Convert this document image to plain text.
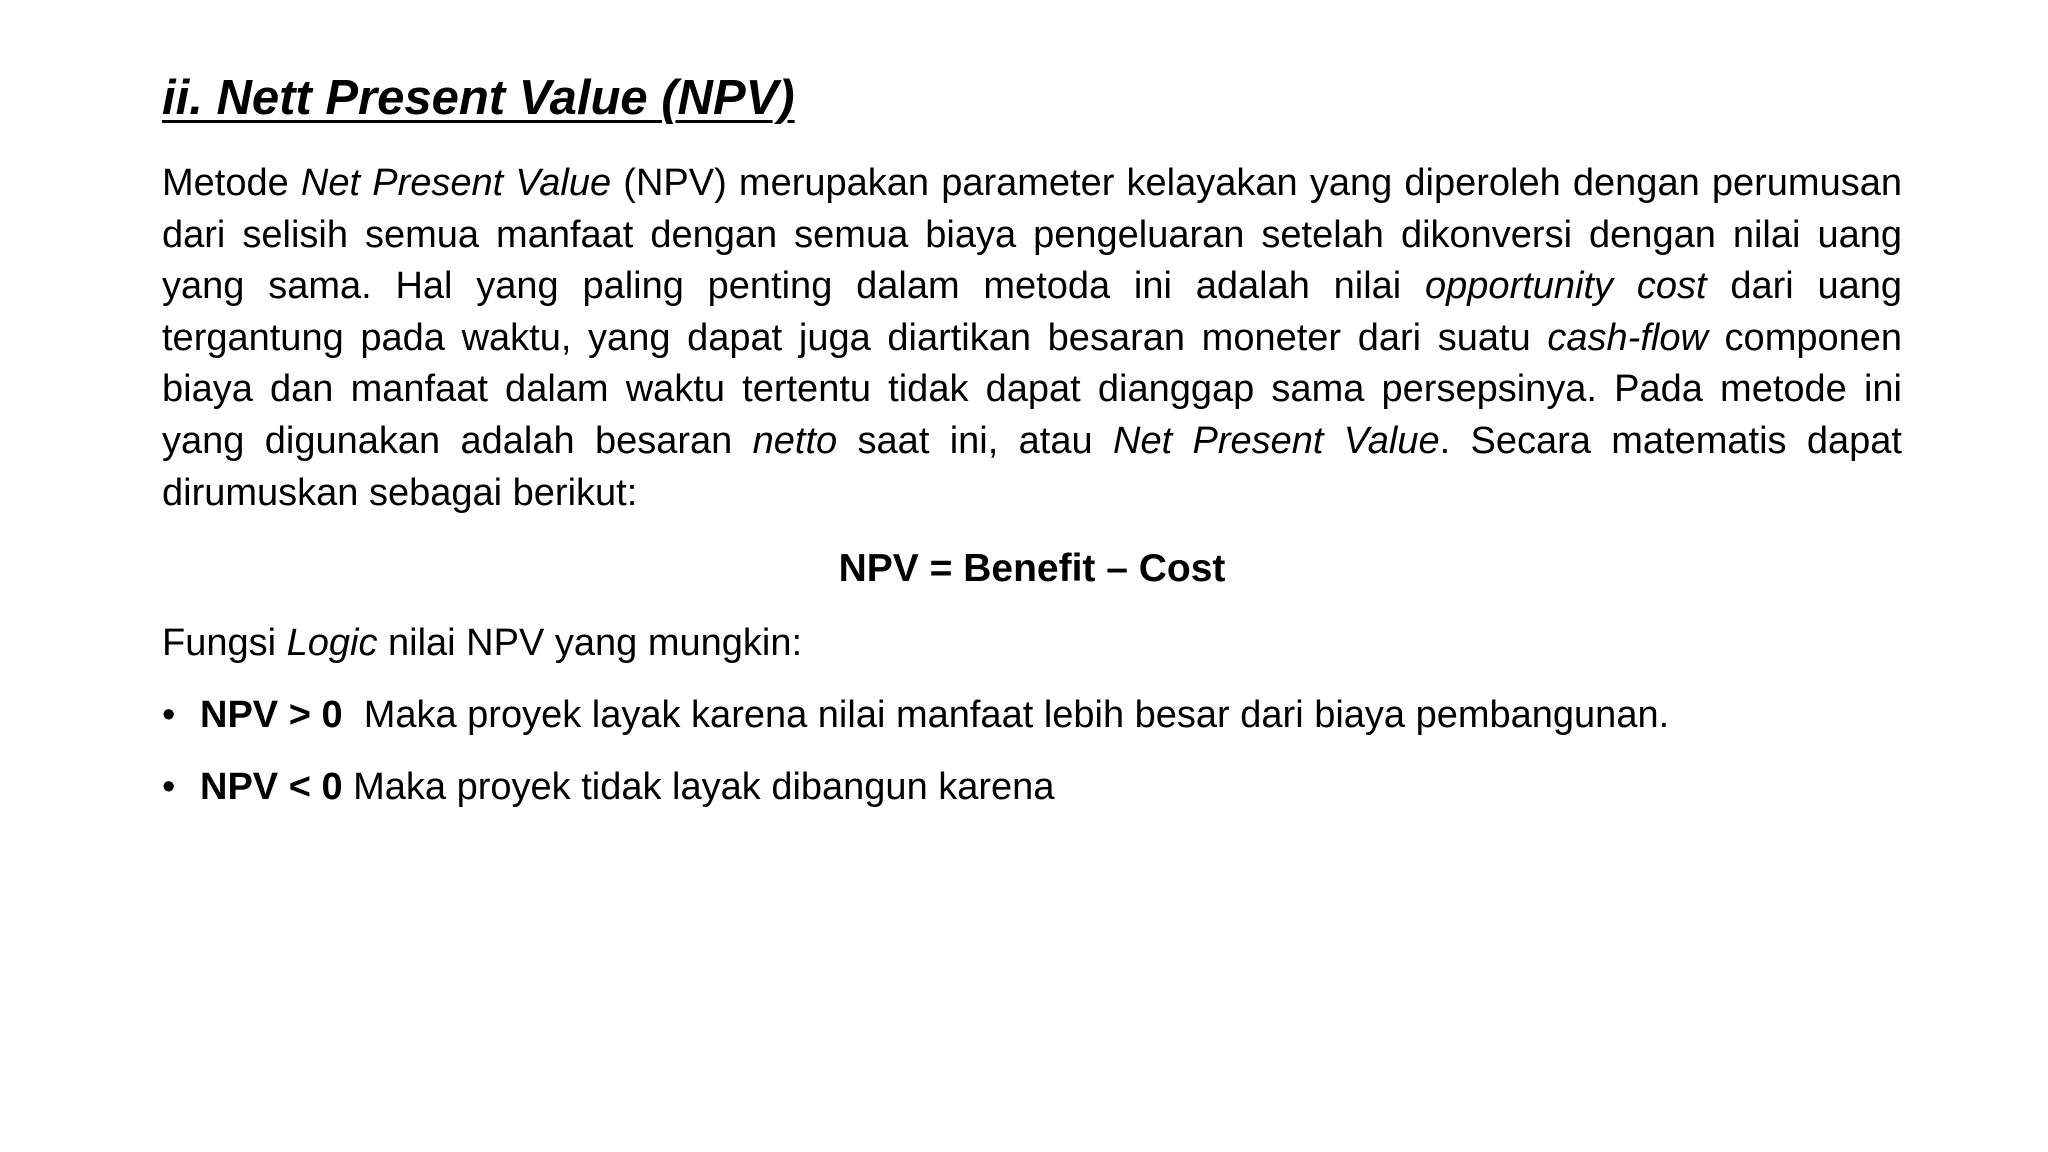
ii. Nett Present Value (NPV)

Metode Net Present Value (NPV) merupakan parameter kelayakan yang diperoleh dengan perumusan dari selisih semua manfaat dengan semua biaya pengeluaran setelah dikonversi dengan nilai uang yang sama. Hal yang paling penting dalam metoda ini adalah nilai opportunity cost dari uang tergantung pada waktu, yang dapat juga diartikan besaran moneter dari suatu cash-flow componen biaya dan manfaat dalam waktu tertentu tidak dapat dianggap sama persepsinya. Pada metode ini yang digunakan adalah besaran netto saat ini, atau Net Present Value. Secara matematis dapat dirumuskan sebagai berikut:

NPV = Benefit – Cost
Fungsi Logic nilai NPV yang mungkin:
• NPV > 0  Maka proyek layak karena nilai manfaat lebih besar dari biaya pembangunan.
• NPV < 0 Maka proyek tidak layak dibangun karena
